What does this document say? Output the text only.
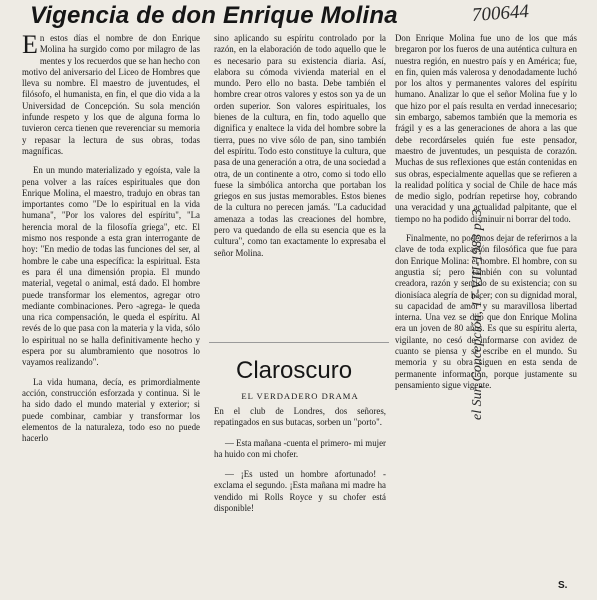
Vigencia de don Enrique Molina	700644

En estos días el nombre de don Enrique Molina ha surgido como por milagro de las mentes y los recuerdos que se han hecho con motivo del aniversario del Liceo de Hombres que lleva su nombre. El maestro de juventudes, el filósofo, el humanista, en fin, el que dio vida a la Universidad de Concepción. Su sola mención infunde respeto y los que de alguna forma lo tuvieron cerca tienen que reverenciar su memoria y repasar la lectura de sus obras, todas magníficas.

En un mundo materializado y egoísta, vale la pena volver a las raíces espirituales que don Enrique Molina, el maestro, tradujo en obras tan importantes como "De lo espiritual en la vida humana", "Por los valores del espíritu", "La herencia moral de la filosofía griega", etc. El mismo nos responde a esta gran interrogante de hoy: "En medio de todas las funciones del ser, al hombre le cabe una específica: la espiritual. Esta es para él una dimensión propia. El mundo material, vegetal o animal, está dado. El hombre puede transformar los elementos, agregar otro mediante combinaciones. Pero -agrega- le queda una rica compensación, le queda el espíritu. Al revés de lo que pasa con la materia y la vida, sólo lo espiritual no se halla definitivamente hecho y espera por su alumbramiento que nosotros lo vayamos realizando".

La vida humana, decía, es primordialmente acción, construcción esforzada y continua. Si le ha sido dado el mundo material y exterior; si puede combinar, cambiar y transformar los elementos de la naturaleza, todo eso no puede hacerlo

sino aplicando su espíritu controlado por la razón, en la elaboración de todo aquello que le es necesario para su existencia diaria. Así, elabora su cómoda vivienda material en el mundo. Pero ello no basta. Debe también el hombre crear otros valores y estos son ya de un orden superior. Son valores espirituales, los bienes de la cultura, en fin, todo aquello que dignifica y enaltece la vida del hombre sobre la tierra, pues no vive sólo de pan, sino también del espíritu. Todo esto constituye la cultura, que pasa de una generación a otra, de una sociedad a otra, de un continente a otro, como si todo ello fuese la simbólica antorcha que portaban los griegos en sus justas memorables. Estos bienes de la cultura no perecen jamás. "La caducidad amenaza a todas las creaciones del hombre, pero va quedando de ella su esencia que es la cultura", como tan exactamente lo expresaba el señor Molina.

Claroscuro

EL VERDADERO DRAMA

En el club de Londres, dos señores, repatingados en sus butacas, sorben un "porto".

— Esta mañana -cuenta el primero- mi mujer ha huido con mi chofer.

— ¡Es usted un hombre afortunado! -exclama el segundo. ¡Esta mañana mi madre ha vendido mi Rolls Royce y su chofer está disponible!

Don Enrique Molina fue uno de los que más bregaron por los fueros de una auténtica cultura en nuestra región, en nuestro país y en América; fue, en fin, quien más valerosa y denodadamente luchó por los altos y permanentes valores del espíritu humano. Analizar lo que el señor Molina fue y lo que hizo por el país resulta en verdad innecesario; sin embargo, sabemos también que la memoria es frágil y es a las generaciones de ahora a las que debe recordárseles quién fue este pensador, maestro de juventudes, un pesquista de corazón. Muchas de sus reflexiones que están contenidas en sus obras, especialmente aquellas que se refieren a la realidad política y social de Chile de hace más de medio siglo, podrían repetirse hoy, cobrando una veracidad y una actualidad palpitante, que el tiempo no ha podido disminuir ni borrar del todo.

Finalmente, no podemos dejar de referirnos a la clave de toda explicación filosófica que fue para don Enrique Molina: el hombre. El hombre, con su angustia sí; pero también con su voluntad creadora, razón y sentido de su existencia; con su dionisíaca alegría de hacer; con su dignidad moral, su capacidad de amor y su maravillosa libertad interna. Una vez se dijo que don Enrique Molina era un joven de 80 años. Es que su espíritu alerta, vigilante, no cesó de informarse con avidez de cuanto se piensa y se escribe en el mundo. Su memoria y su obra siguen en esta senda de permanente información, porque justamente su pensamiento sigue vigente.

el Sur, Concepción, 17-VIII-1983 p. 3

S.
